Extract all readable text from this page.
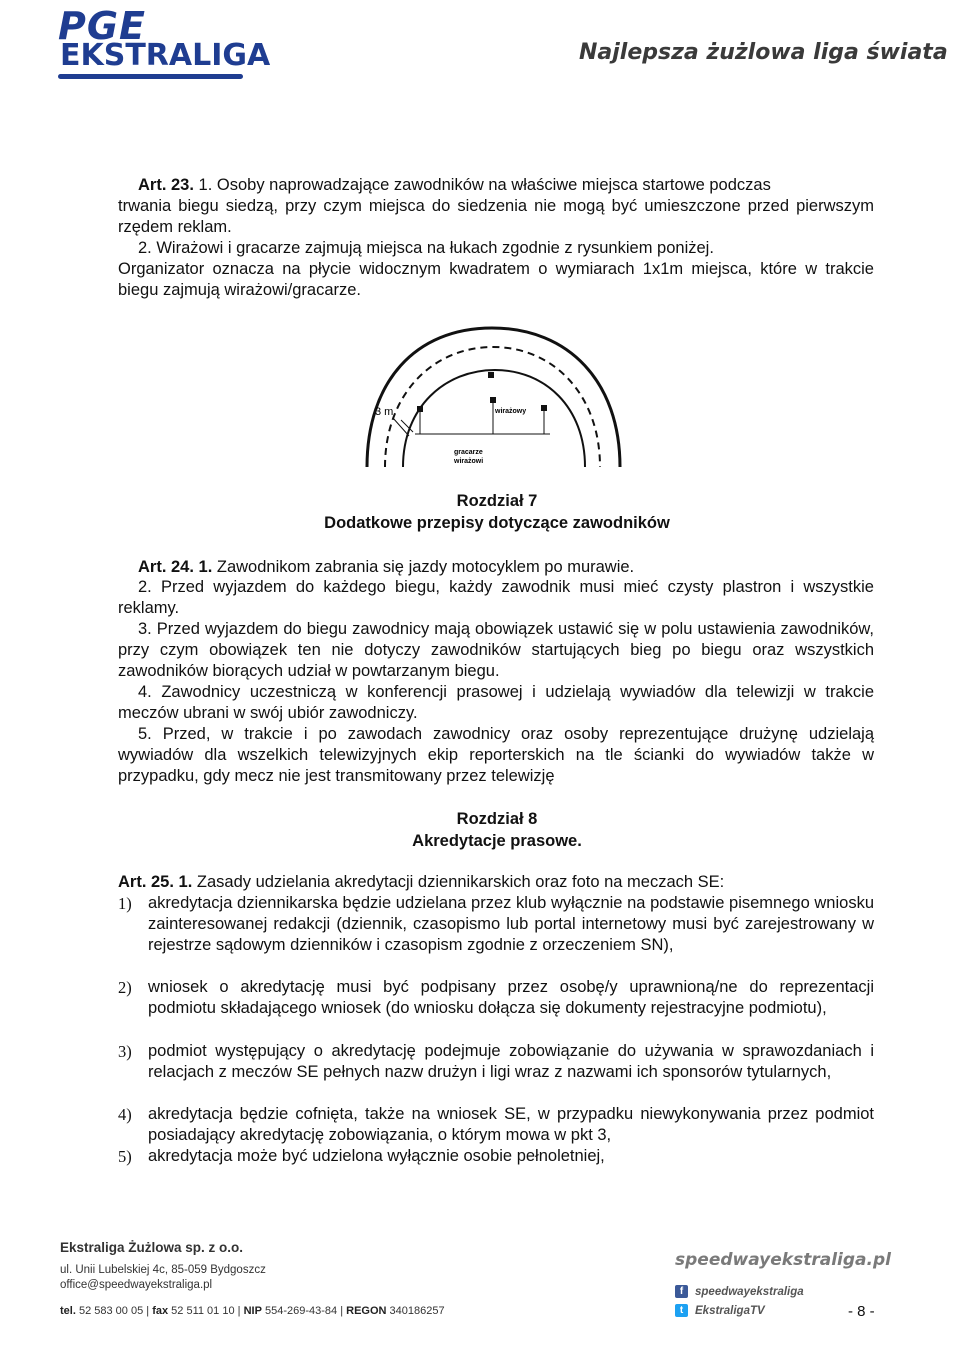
PGE
EKSTRALIGA	Najlepsza żużlowa liga świata
Art. 23. 1. Osoby naprowadzające zawodników na właściwe miejsca startowe podczas
trwania biegu siedzą, przy czym miejsca do siedzenia nie mogą być umieszczone przed pierwszym rzędem reklam.
2. Wirażowi i gracarze zajmują miejsca na łukach zgodnie z rysunkiem poniżej.
Organizator oznacza na płycie widocznym kwadratem o wymiarach 1x1m miejsca, które w trakcie biegu zajmują wirażowi/gracarze.
3 m	wirażowy
gracarze
wirażowi
Rozdział 7
Dodatkowe przepisy dotyczące zawodników
Art. 24. 1. Zawodnikom zabrania się jazdy motocyklem po murawie.
2. Przed wyjazdem do każdego biegu, każdy zawodnik musi mieć czysty plastron i wszystkie reklamy.
3. Przed wyjazdem do biegu zawodnicy mają obowiązek ustawić się w polu ustawienia zawodników, przy czym obowiązek ten nie dotyczy zawodników startujących bieg po biegu oraz wszystkich zawodników biorących udział w powtarzanym biegu.
4. Zawodnicy uczestniczą w konferencji prasowej i udzielają wywiadów dla telewizji w trakcie meczów ubrani w swój ubiór zawodniczy.
5. Przed, w trakcie i po zawodach zawodnicy oraz osoby reprezentujące drużynę udzielają wywiadów dla wszelkich telewizyjnych ekip reporterskich na tle ścianki do wywiadów także w przypadku, gdy mecz nie jest transmitowany przez telewizję
Rozdział 8
Akredytacje prasowe.
Art. 25. 1. Zasady udzielania akredytacji dziennikarskich oraz foto na meczach SE:
1) akredytacja dziennikarska będzie udzielana przez klub wyłącznie na podstawie pisemnego wniosku zainteresowanej redakcji (dziennik, czasopismo lub portal internetowy musi być zarejestrowany w rejestrze sądowym dzienników i czasopism zgodnie z orzeczeniem SN),
2) wniosek o akredytację musi być podpisany przez osobę/y uprawnioną/ne do reprezentacji podmiotu składającego wniosek (do wniosku dołącza się dokumenty rejestracyjne podmiotu),
3) podmiot występujący o akredytację podejmuje zobowiązanie do używania w sprawozdaniach i relacjach z meczów SE pełnych nazw drużyn i ligi wraz z nazwami ich sponsorów tytularnych,
4) akredytacja będzie cofnięta, także na wniosek SE, w przypadku niewykonywania przez podmiot posiadający akredytację zobowiązania, o którym mowa w pkt 3,
5) akredytacja może być udzielona wyłącznie osobie pełnoletniej,
Ekstraliga Żużlowa sp. z o.o.
ul. Unii Lubelskiej 4c, 85-059 Bydgoszcz
office@speedwayekstraliga.pl
tel. 52 583 00 05 | fax 52 511 01 10 | NIP 554-269-43-84 | REGON 340186257
speedwayekstraliga.pl
f	speedwayekstraliga
t	EkstraligaTV	- 8 -
